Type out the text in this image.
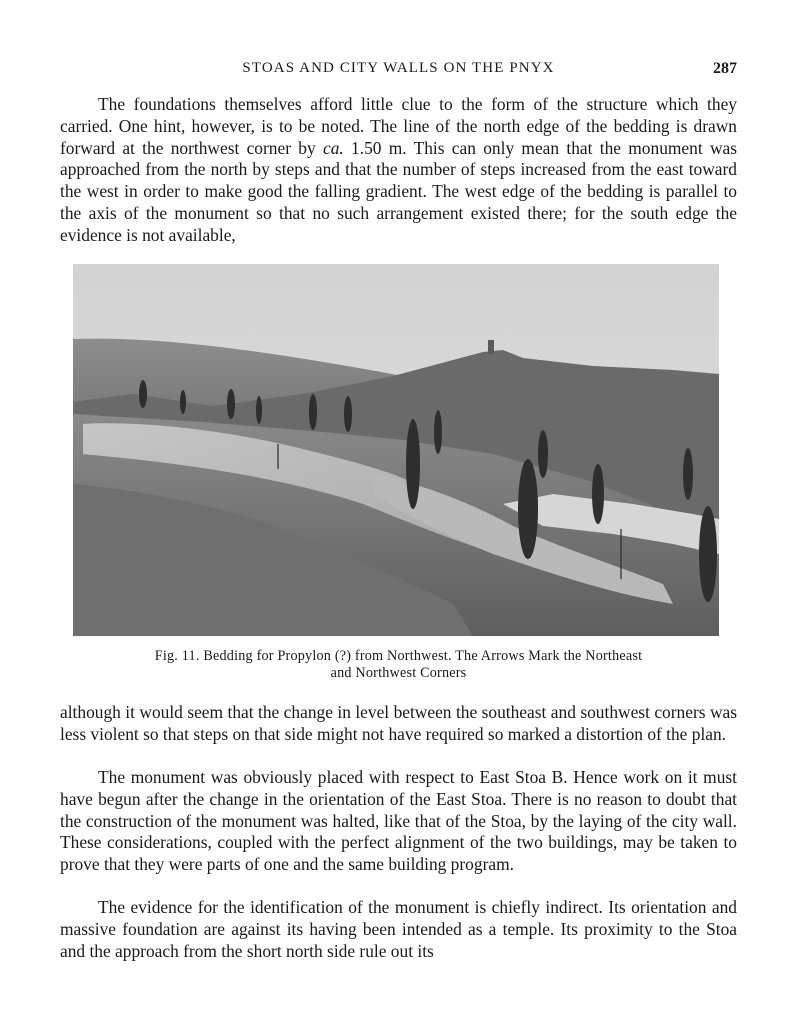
STOAS AND CITY WALLS ON THE PNYX	287

The foundations themselves afford little clue to the form of the structure which they carried. One hint, however, is to be noted. The line of the north edge of the bedding is drawn forward at the northwest corner by ca. 1.50 m. This can only mean that the monument was approached from the north by steps and that the number of steps increased from the east toward the west in order to make good the falling gradient. The west edge of the bedding is parallel to the axis of the monument so that no such arrangement existed there; for the south edge the evidence is not available,

Fig. 11. Bedding for Propylon (?) from Northwest. The Arrows Mark the Northeast
and Northwest Corners

although it would seem that the change in level between the southeast and southwest corners was less violent so that steps on that side might not have required so marked a distortion of the plan.

The monument was obviously placed with respect to East Stoa B. Hence work on it must have begun after the change in the orientation of the East Stoa. There is no reason to doubt that the construction of the monument was halted, like that of the Stoa, by the laying of the city wall. These considerations, coupled with the perfect alignment of the two buildings, may be taken to prove that they were parts of one and the same building program.

The evidence for the identification of the monument is chiefly indirect. Its orientation and massive foundation are against its having been intended as a temple. Its proximity to the Stoa and the approach from the short north side rule out its
